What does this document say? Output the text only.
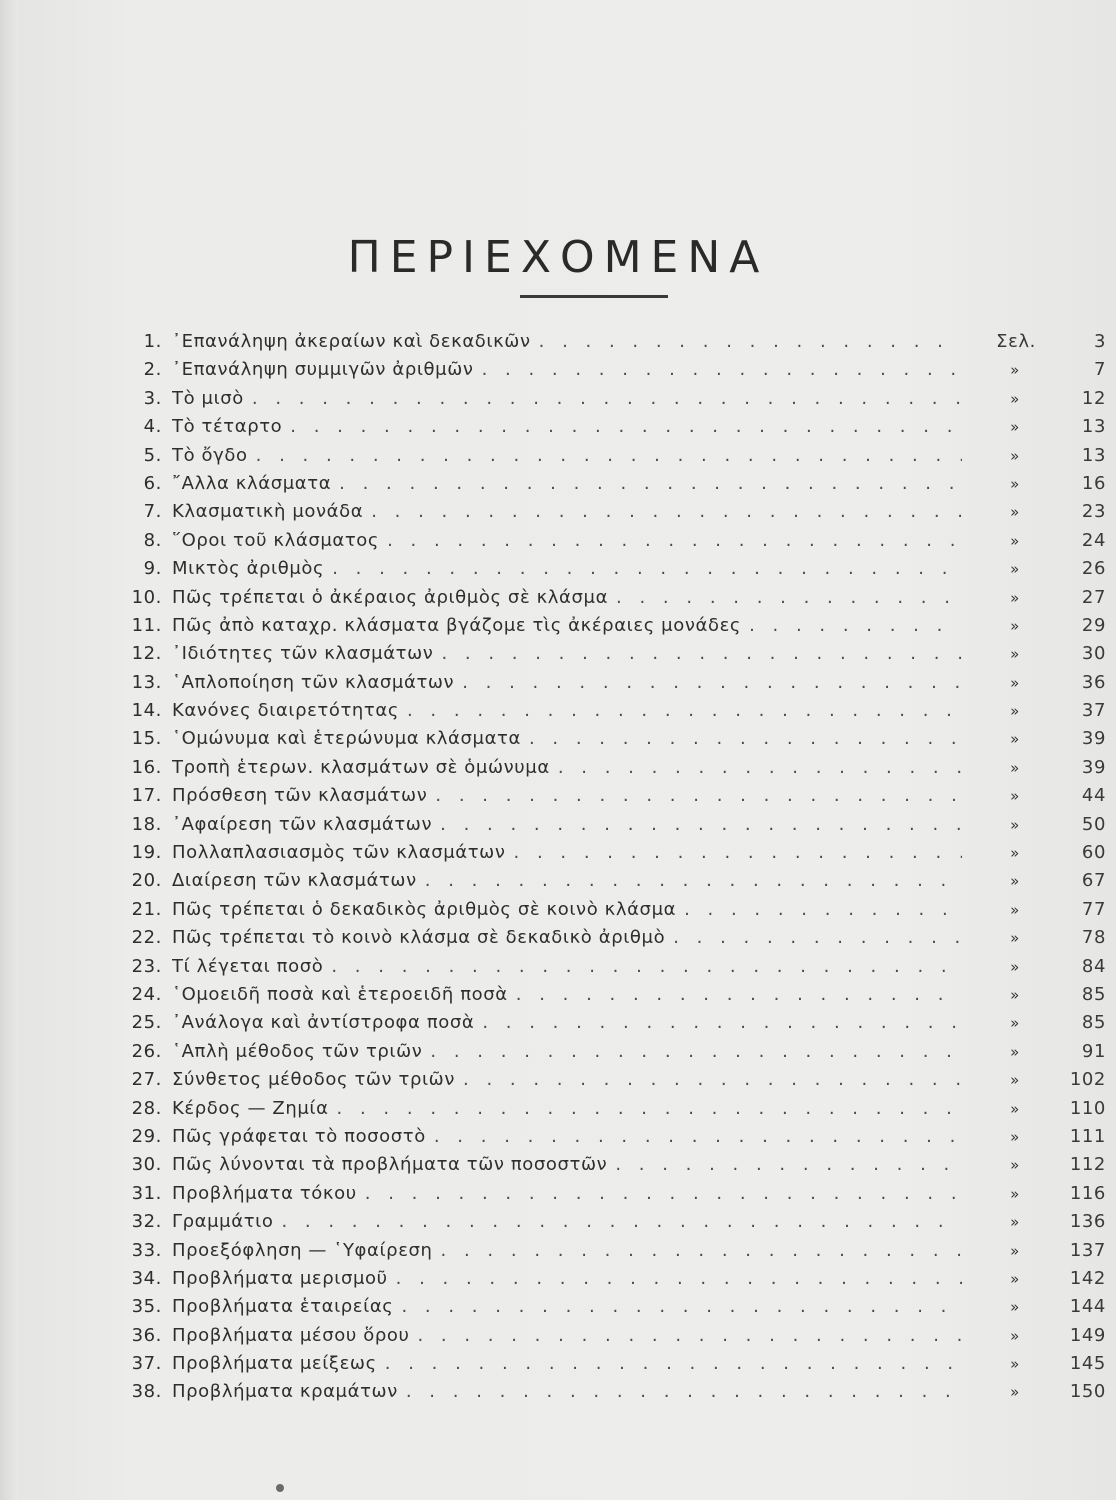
ΠΕΡΙΕΧΟΜΕΝΑ
1. ᾿Επανάληψη ἀκεραίων καὶ δεκαδικῶν . . .	Σελ.	3
2. ᾿Επανάληψη συμμιγῶν ἀριθμῶν . . .	»	7
3. Τὸ μισὸ . . .	»	12
4. Τὸ τέταρτο . . .	»	13
5. Τὸ ὄγδο . . .	»	13
6. ῎Αλλα κλάσματα . . .	»	16
7. Κλασματικὴ μονάδα . . .	»	23
8. ῞Οροι τοῦ κλάσματος . . .	»	24
9. Μικτὸς ἀριθμὸς . . .	»	26
10. Πῶς τρέπεται ὁ ἀκέραιος ἀριθμὸς σὲ κλάσμα . . .	»	27
11. Πῶς ἀπὸ καταχρ. κλάσματα βγάζομε τὶς ἀκέραιες μονάδες . . .	»	29
12. ᾿Ιδιότητες τῶν κλασμάτων . . .	»	30
13. ῾Απλοποίηση τῶν κλασμάτων . . .	»	36
14. Κανόνες διαιρετότητας . . .	»	37
15. ῾Ομώνυμα καὶ ἑτερώνυμα κλάσματα . . .	»	39
16. Τροπὴ ἑτερων. κλασμάτων σὲ ὁμώνυμα . . .	»	39
17. Πρόσθεση τῶν κλασμάτων . . .	»	44
18. ᾿Αφαίρεση τῶν κλασμάτων . . .	»	50
19. Πολλαπλασιασμὸς τῶν κλασμάτων . . .	»	60
20. Διαίρεση τῶν κλασμάτων . . .	»	67
21. Πῶς τρέπεται ὁ δεκαδικὸς ἀριθμὸς σὲ κοινὸ κλάσμα . . .	»	77
22. Πῶς τρέπεται τὸ κοινὸ κλάσμα σὲ δεκαδικὸ ἀριθμὸ . . .	»	78
23. Τί λέγεται ποσὸ . . .	»	84
24. ῾Ομοειδῆ ποσὰ καὶ ἑτεροειδῆ ποσὰ . . .	»	85
25. ᾿Ανάλογα καὶ ἀντίστροφα ποσὰ . . .	»	85
26. ῾Απλὴ μέθοδος τῶν τριῶν . . .	»	91
27. Σύνθετος μέθοδος τῶν τριῶν . . .	»	102
28. Κέρδος — Ζημία . . .	»	110
29. Πῶς γράφεται τὸ ποσοστὸ . . .	»	111
30. Πῶς λύνονται τὰ προβλήματα τῶν ποσοστῶν . . .	»	112
31. Προβλήματα τόκου . . .	»	116
32. Γραμμάτιο . . .	»	136
33. Προεξόφληση — ῾Υφαίρεση . . .	»	137
34. Προβλήματα μερισμοῦ . . .	»	142
35. Προβλήματα ἑταιρείας . . .	»	144
36. Προβλήματα μέσου ὅρου . . .	»	149
37. Προβλήματα μείξεως . . .	»	145
38. Προβλήματα κραμάτων . . .	»	150
